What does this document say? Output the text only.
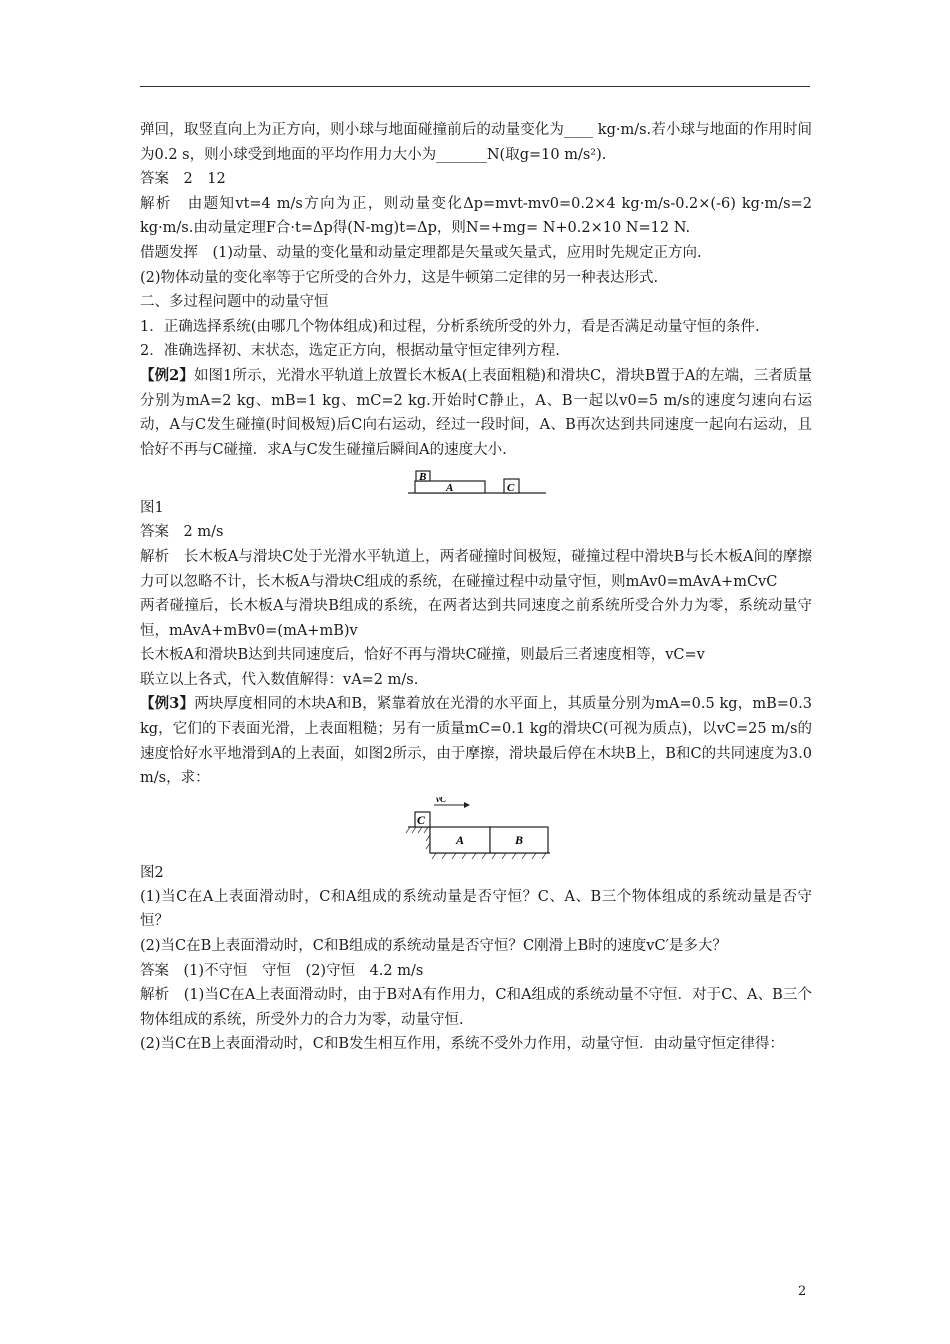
弹回，取竖直向上为正方向，则小球与地面碰撞前后的动量变化为____ kg·m/s.若小球与地面的作用时间为0.2 s，则小球受到地面的平均作用力大小为_______N(取g=10 m/s²).

答案　2　12

解析　由题知vt=4 m/s方向为正，则动量变化Δp=mvt-mv0=0.2×4 kg·m/s-0.2×(-6) kg·m/s=2 kg·m/s.由动量定理F合·t=Δp得(N-mg)t=Δp，则N=+mg= N+0.2×10 N=12 N.

借题发挥　(1)动量、动量的变化量和动量定理都是矢量或矢量式，应用时先规定正方向.

(2)物体动量的变化率等于它所受的合外力，这是牛顿第二定律的另一种表达形式.

二、多过程问题中的动量守恒

1．正确选择系统(由哪几个物体组成)和过程，分析系统所受的外力，看是否满足动量守恒的条件.

2．准确选择初、末状态，选定正方向，根据动量守恒定律列方程.

【例2】如图1所示，光滑水平轨道上放置长木板A(上表面粗糙)和滑块C，滑块B置于A的左端，三者质量分别为mA=2 kg、mB=1 kg、mC=2 kg.开始时C静止，A、B一起以v0=5 m/s的速度匀速向右运动，A与C发生碰撞(时间极短)后C向右运动，经过一段时间，A、B再次达到共同速度一起向右运动，且恰好不再与C碰撞．求A与C发生碰撞后瞬间A的速度大小.

A
B
C

图1

答案　2 m/s

解析　长木板A与滑块C处于光滑水平轨道上，两者碰撞时间极短，碰撞过程中滑块B与长木板A间的摩擦力可以忽略不计，长木板A与滑块C组成的系统，在碰撞过程中动量守恒，则mAv0=mAvA+mCvC

两者碰撞后，长木板A与滑块B组成的系统，在两者达到共同速度之前系统所受合外力为零，系统动量守恒，mAvA+mBv0=(mA+mB)v

长木板A和滑块B达到共同速度后，恰好不再与滑块C碰撞，则最后三者速度相等，vC=v

联立以上各式，代入数值解得：vA=2 m/s.

【例3】两块厚度相同的木块A和B，紧靠着放在光滑的水平面上，其质量分别为mA=0.5 kg，mB=0.3 kg，它们的下表面光滑，上表面粗糙；另有一质量mC=0.1 kg的滑块C(可视为质点)，以vC=25 m/s的速度恰好水平地滑到A的上表面，如图2所示，由于摩擦，滑块最后停在木块B上，B和C的共同速度为3.0 m/s，求：

C
A	B
vC

图2

(1)当C在A上表面滑动时，C和A组成的系统动量是否守恒？C、A、B三个物体组成的系统动量是否守恒？

(2)当C在B上表面滑动时，C和B组成的系统动量是否守恒？C刚滑上B时的速度vC′是多大？

答案　(1)不守恒　守恒　(2)守恒　4.2 m/s

解析　(1)当C在A上表面滑动时，由于B对A有作用力，C和A组成的系统动量不守恒．对于C、A、B三个物体组成的系统，所受外力的合力为零，动量守恒.

(2)当C在B上表面滑动时，C和B发生相互作用，系统不受外力作用，动量守恒．由动量守恒定律得：

2
